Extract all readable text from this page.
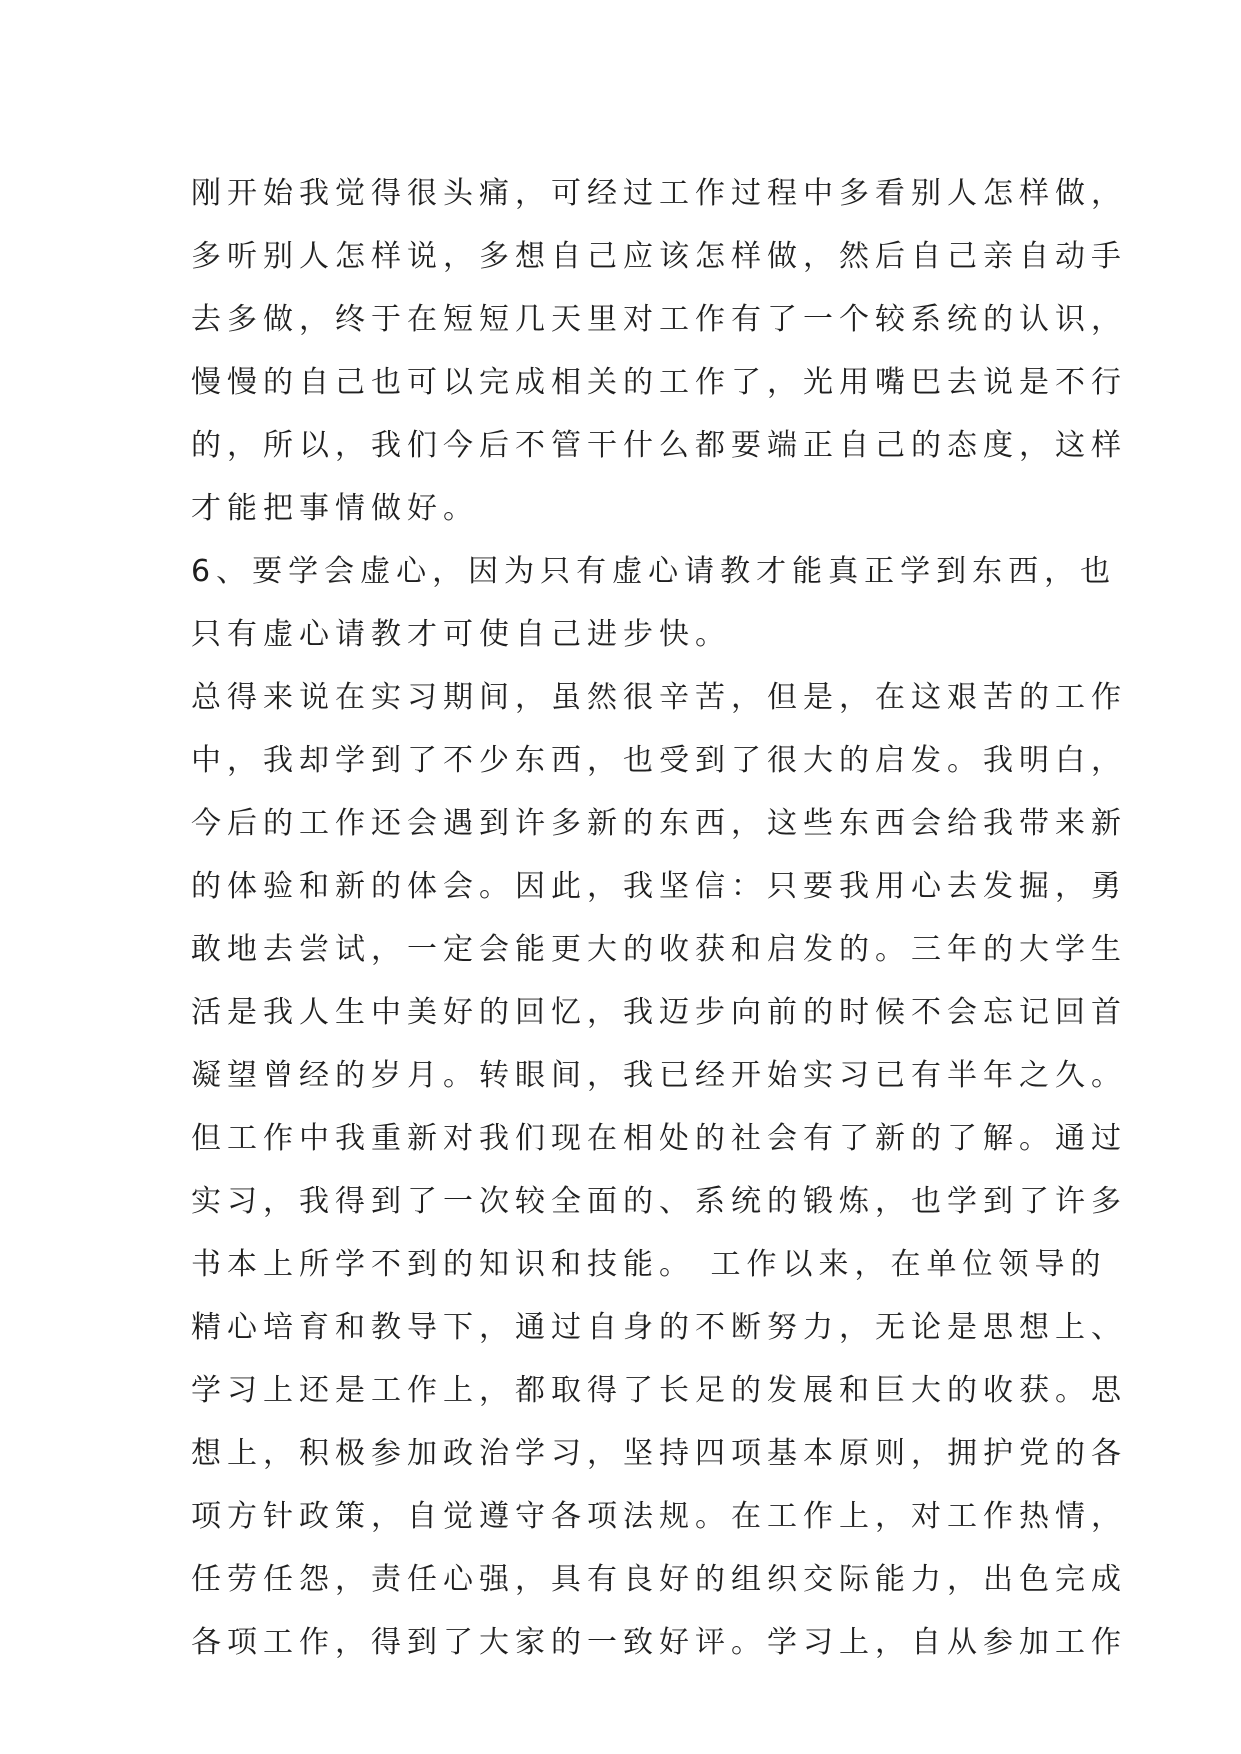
刚开始我觉得很头痛，可经过工作过程中多看别人怎样做，
多听别人怎样说，多想自己应该怎样做，然后自己亲自动手
去多做，终于在短短几天里对工作有了一个较系统的认识，
慢慢的自己也可以完成相关的工作了，光用嘴巴去说是不行
的，所以，我们今后不管干什么都要端正自己的态度，这样
才能把事情做好。
6、要学会虚心，因为只有虚心请教才能真正学到东西，也
只有虚心请教才可使自己进步快。
总得来说在实习期间，虽然很辛苦，但是，在这艰苦的工作
中，我却学到了不少东西，也受到了很大的启发。我明白，
今后的工作还会遇到许多新的东西，这些东西会给我带来新
的体验和新的体会。因此，我坚信：只要我用心去发掘，勇
敢地去尝试，一定会能更大的收获和启发的。三年的大学生
活是我人生中美好的回忆，我迈步向前的时候不会忘记回首
凝望曾经的岁月。转眼间，我已经开始实习已有半年之久。
但工作中我重新对我们现在相处的社会有了新的了解。通过
实习，我得到了一次较全面的、系统的锻炼，也学到了许多
书本上所学不到的知识和技能。 工作以来，在单位领导的
精心培育和教导下，通过自身的不断努力，无论是思想上、
学习上还是工作上，都取得了长足的发展和巨大的收获。思
想上，积极参加政治学习，坚持四项基本原则，拥护党的各
项方针政策，自觉遵守各项法规。在工作上，对工作热情，
任劳任怨，责任心强，具有良好的组织交际能力，出色完成
各项工作，得到了大家的一致好评。学习上，自从参加工作
